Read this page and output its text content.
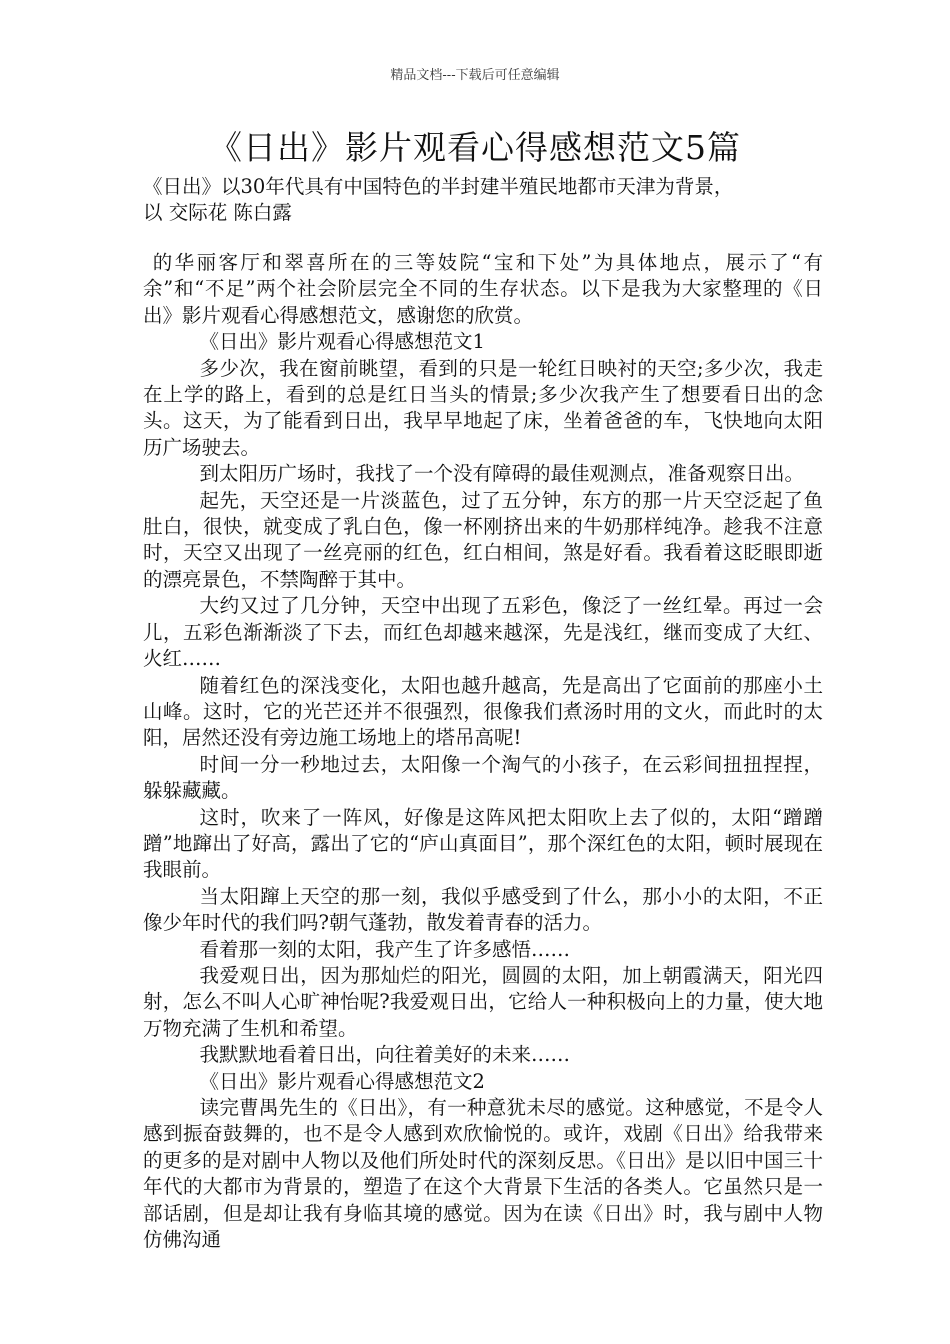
精品文档---下载后可任意编辑
《日出》影片观看心得感想范文5篇

《日出》以30年代具有中国特色的半封建半殖民地都市天津为背景，

以 交际花 陈白露

的华丽客厅和翠喜所在的三等妓院“宝和下处”为具体地点，展示了“有余”和“不足”两个社会阶层完全不同的生存状态。以下是我为大家整理的《日出》影片观看心得感想范文，感谢您的欣赏。

《日出》影片观看心得感想范文1

多少次，我在窗前眺望，看到的只是一轮红日映衬的天空;多少次，我走在上学的路上，看到的总是红日当头的情景;多少次我产生了想要看日出的念头。这天，为了能看到日出，我早早地起了床，坐着爸爸的车，飞快地向太阳历广场驶去。

到太阳历广场时，我找了一个没有障碍的最佳观测点，准备观察日出。

起先，天空还是一片淡蓝色，过了五分钟，东方的那一片天空泛起了鱼肚白，很快，就变成了乳白色，像一杯刚挤出来的牛奶那样纯净。趁我不注意时，天空又出现了一丝亮丽的红色，红白相间，煞是好看。我看着这眨眼即逝的漂亮景色，不禁陶醉于其中。

大约又过了几分钟，天空中出现了五彩色，像泛了一丝红晕。再过一会儿，五彩色渐渐淡了下去，而红色却越来越深，先是浅红，继而变成了大红、火红……

随着红色的深浅变化，太阳也越升越高，先是高出了它面前的那座小土山峰。这时，它的光芒还并不很强烈，很像我们煮汤时用的文火，而此时的太阳，居然还没有旁边施工场地上的塔吊高呢!

时间一分一秒地过去，太阳像一个淘气的小孩子，在云彩间扭扭捏捏，躲躲藏藏。

这时，吹来了一阵风，好像是这阵风把太阳吹上去了似的，太阳“蹭蹭蹭”地蹿出了好高，露出了它的“庐山真面目”，那个深红色的太阳，顿时展现在我眼前。

当太阳蹿上天空的那一刻，我似乎感受到了什么，那小小的太阳，不正像少年时代的我们吗?朝气蓬勃，散发着青春的活力。

看着那一刻的太阳，我产生了许多感悟……

我爱观日出，因为那灿烂的阳光，圆圆的太阳，加上朝霞满天，阳光四射，怎么不叫人心旷神怡呢?我爱观日出，它给人一种积极向上的力量，使大地万物充满了生机和希望。

我默默地看着日出，向往着美好的未来……

《日出》影片观看心得感想范文2

读完曹禺先生的《日出》，有一种意犹未尽的感觉。这种感觉，不是令人感到振奋鼓舞的，也不是令人感到欢欣愉悦的。或许，戏剧《日出》给我带来的更多的是对剧中人物以及他们所处时代的深刻反思。《日出》是以旧中国三十年代的大都市为背景的，塑造了在这个大背景下生活的各类人。它虽然只是一部话剧，但是却让我有身临其境的感觉。因为在读《日出》时，我与剧中人物仿佛沟通
